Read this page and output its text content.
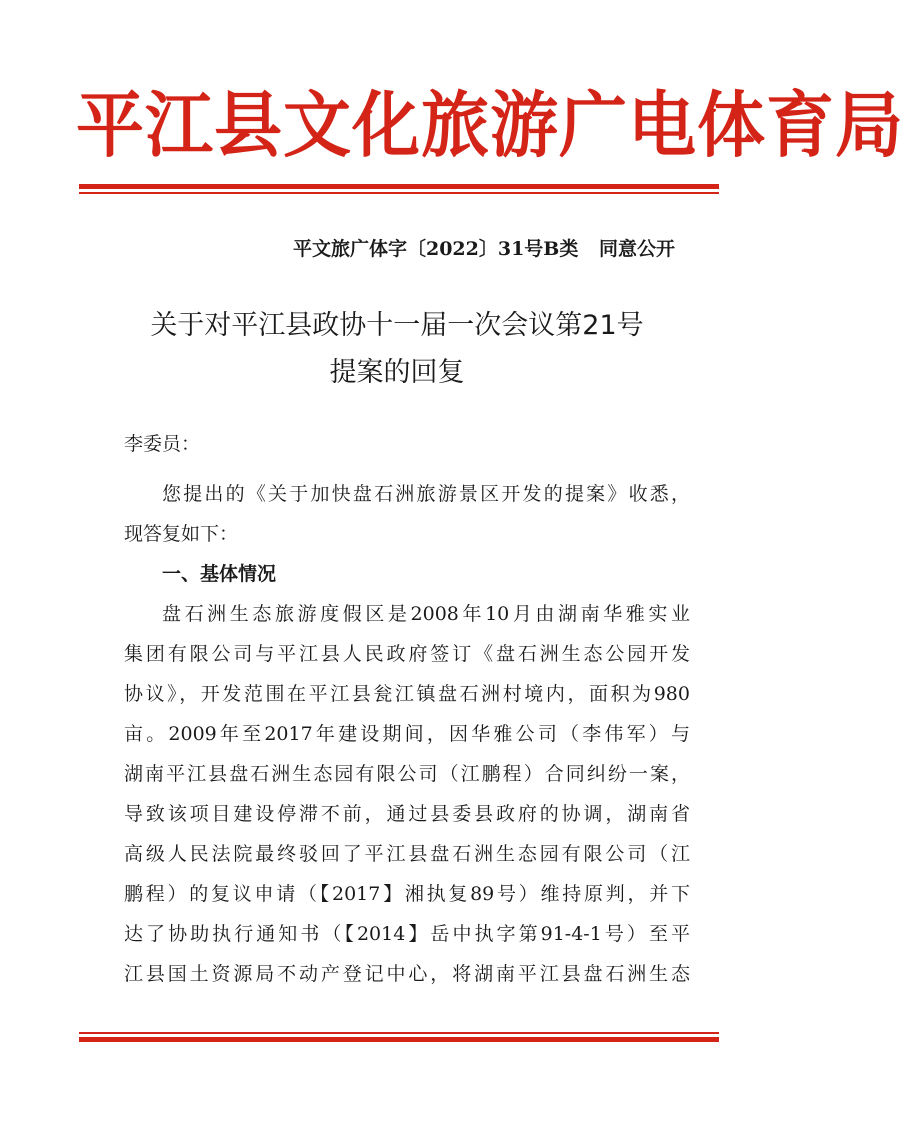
平江县文化旅游广电体育局
平文旅广体字〔2022〕31号B类 同意公开
关于对平江县政协十一届一次会议第21号
提案的回复
李委员：

您提出的《关于加快盘石洲旅游景区开发的提案》收悉，
现答复如下：

一、基体情况

盘石洲生态旅游度假区是2008年10月由湖南华雅实业
集团有限公司与平江县人民政府签订《盘石洲生态公园开发
协议》，开发范围在平江县瓮江镇盘石洲村境内，面积为980
亩。2009年至2017年建设期间，因华雅公司（李伟军）与
湖南平江县盘石洲生态园有限公司（江鹏程）合同纠纷一案，
导致该项目建设停滞不前，通过县委县政府的协调，湖南省
高级人民法院最终驳回了平江县盘石洲生态园有限公司（江
鹏程）的复议申请（【2017】湘执复89号）维持原判，并下
达了协助执行通知书（【2014】岳中执字第91-4-1号）至平
江县国土资源局不动产登记中心，将湖南平江县盘石洲生态
